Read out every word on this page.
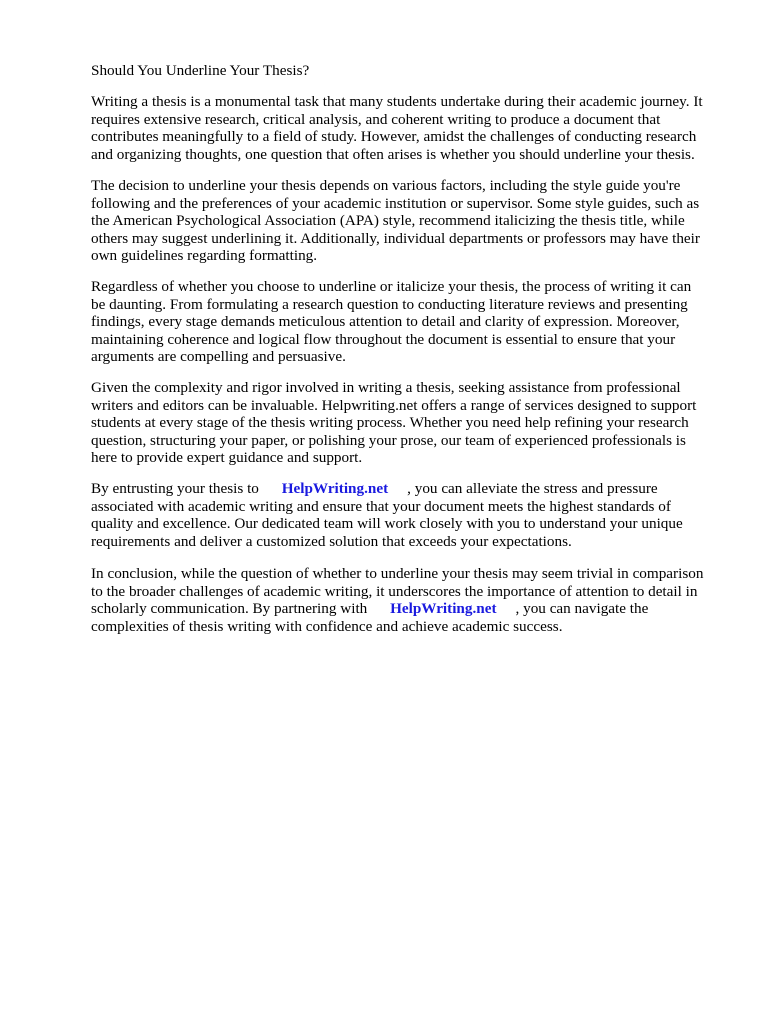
Should You Underline Your Thesis?
Writing a thesis is a monumental task that many students undertake during their academic journey. It
requires extensive research, critical analysis, and coherent writing to produce a document that
contributes meaningfully to a field of study. However, amidst the challenges of conducting research
and organizing thoughts, one question that often arises is whether you should underline your thesis.
The decision to underline your thesis depends on various factors, including the style guide you're
following and the preferences of your academic institution or supervisor. Some style guides, such as
the American Psychological Association (APA) style, recommend italicizing the thesis title, while
others may suggest underlining it. Additionally, individual departments or professors may have their
own guidelines regarding formatting.
Regardless of whether you choose to underline or italicize your thesis, the process of writing it can
be daunting. From formulating a research question to conducting literature reviews and presenting
findings, every stage demands meticulous attention to detail and clarity of expression. Moreover,
maintaining coherence and logical flow throughout the document is essential to ensure that your
arguments are compelling and persuasive.
Given the complexity and rigor involved in writing a thesis, seeking assistance from professional
writers and editors can be invaluable. Helpwriting.net offers a range of services designed to support
students at every stage of the thesis writing process. Whether you need help refining your research
question, structuring your paper, or polishing your prose, our team of experienced professionals is
here to provide expert guidance and support.
By entrusting your thesis to      HelpWriting.net     , you can alleviate the stress and pressure
associated with academic writing and ensure that your document meets the highest standards of
quality and excellence. Our dedicated team will work closely with you to understand your unique
requirements and deliver a customized solution that exceeds your expectations.
In conclusion, while the question of whether to underline your thesis may seem trivial in comparison
to the broader challenges of academic writing, it underscores the importance of attention to detail in
scholarly communication. By partnering with      HelpWriting.net     , you can navigate the
complexities of thesis writing with confidence and achieve academic success.
